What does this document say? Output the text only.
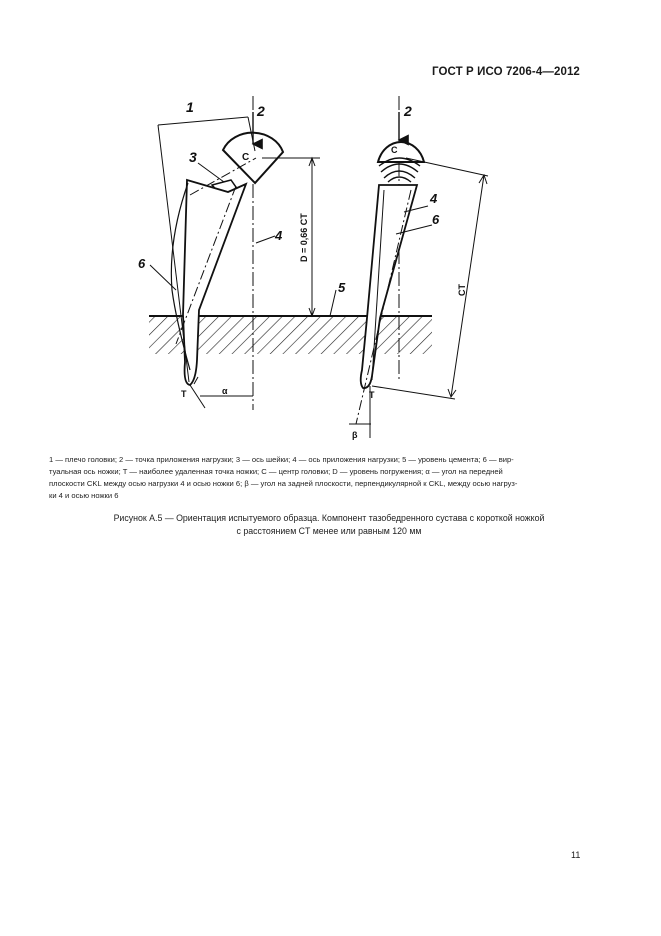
ГОСТ Р ИСО 7206-4—2012
1	2
3
4
6
5
2
4
6
C
C
T	T
α
β
D = 0,66 CT
CT
1 — плечо головки; 2 — точка приложения нагрузки; 3 — ось шейки; 4 — ось приложения нагрузки; 5 — уровень цемента; 6 — вир-
туальная ось ножки; T — наиболее удаленная точка ножки; C — центр головки; D — уровень погружения; α — угол на передней
плоскости CKL между осью нагрузки 4 и осью ножки 6; β — угол на задней плоскости, перпендикулярной к CKL, между осью нагруз-
ки 4 и осью ножки 6
Рисунок А.5 — Ориентация испытуемого образца. Компонент тазобедренного сустава с короткой ножкой
с расстоянием CT менее или равным 120 мм
11
